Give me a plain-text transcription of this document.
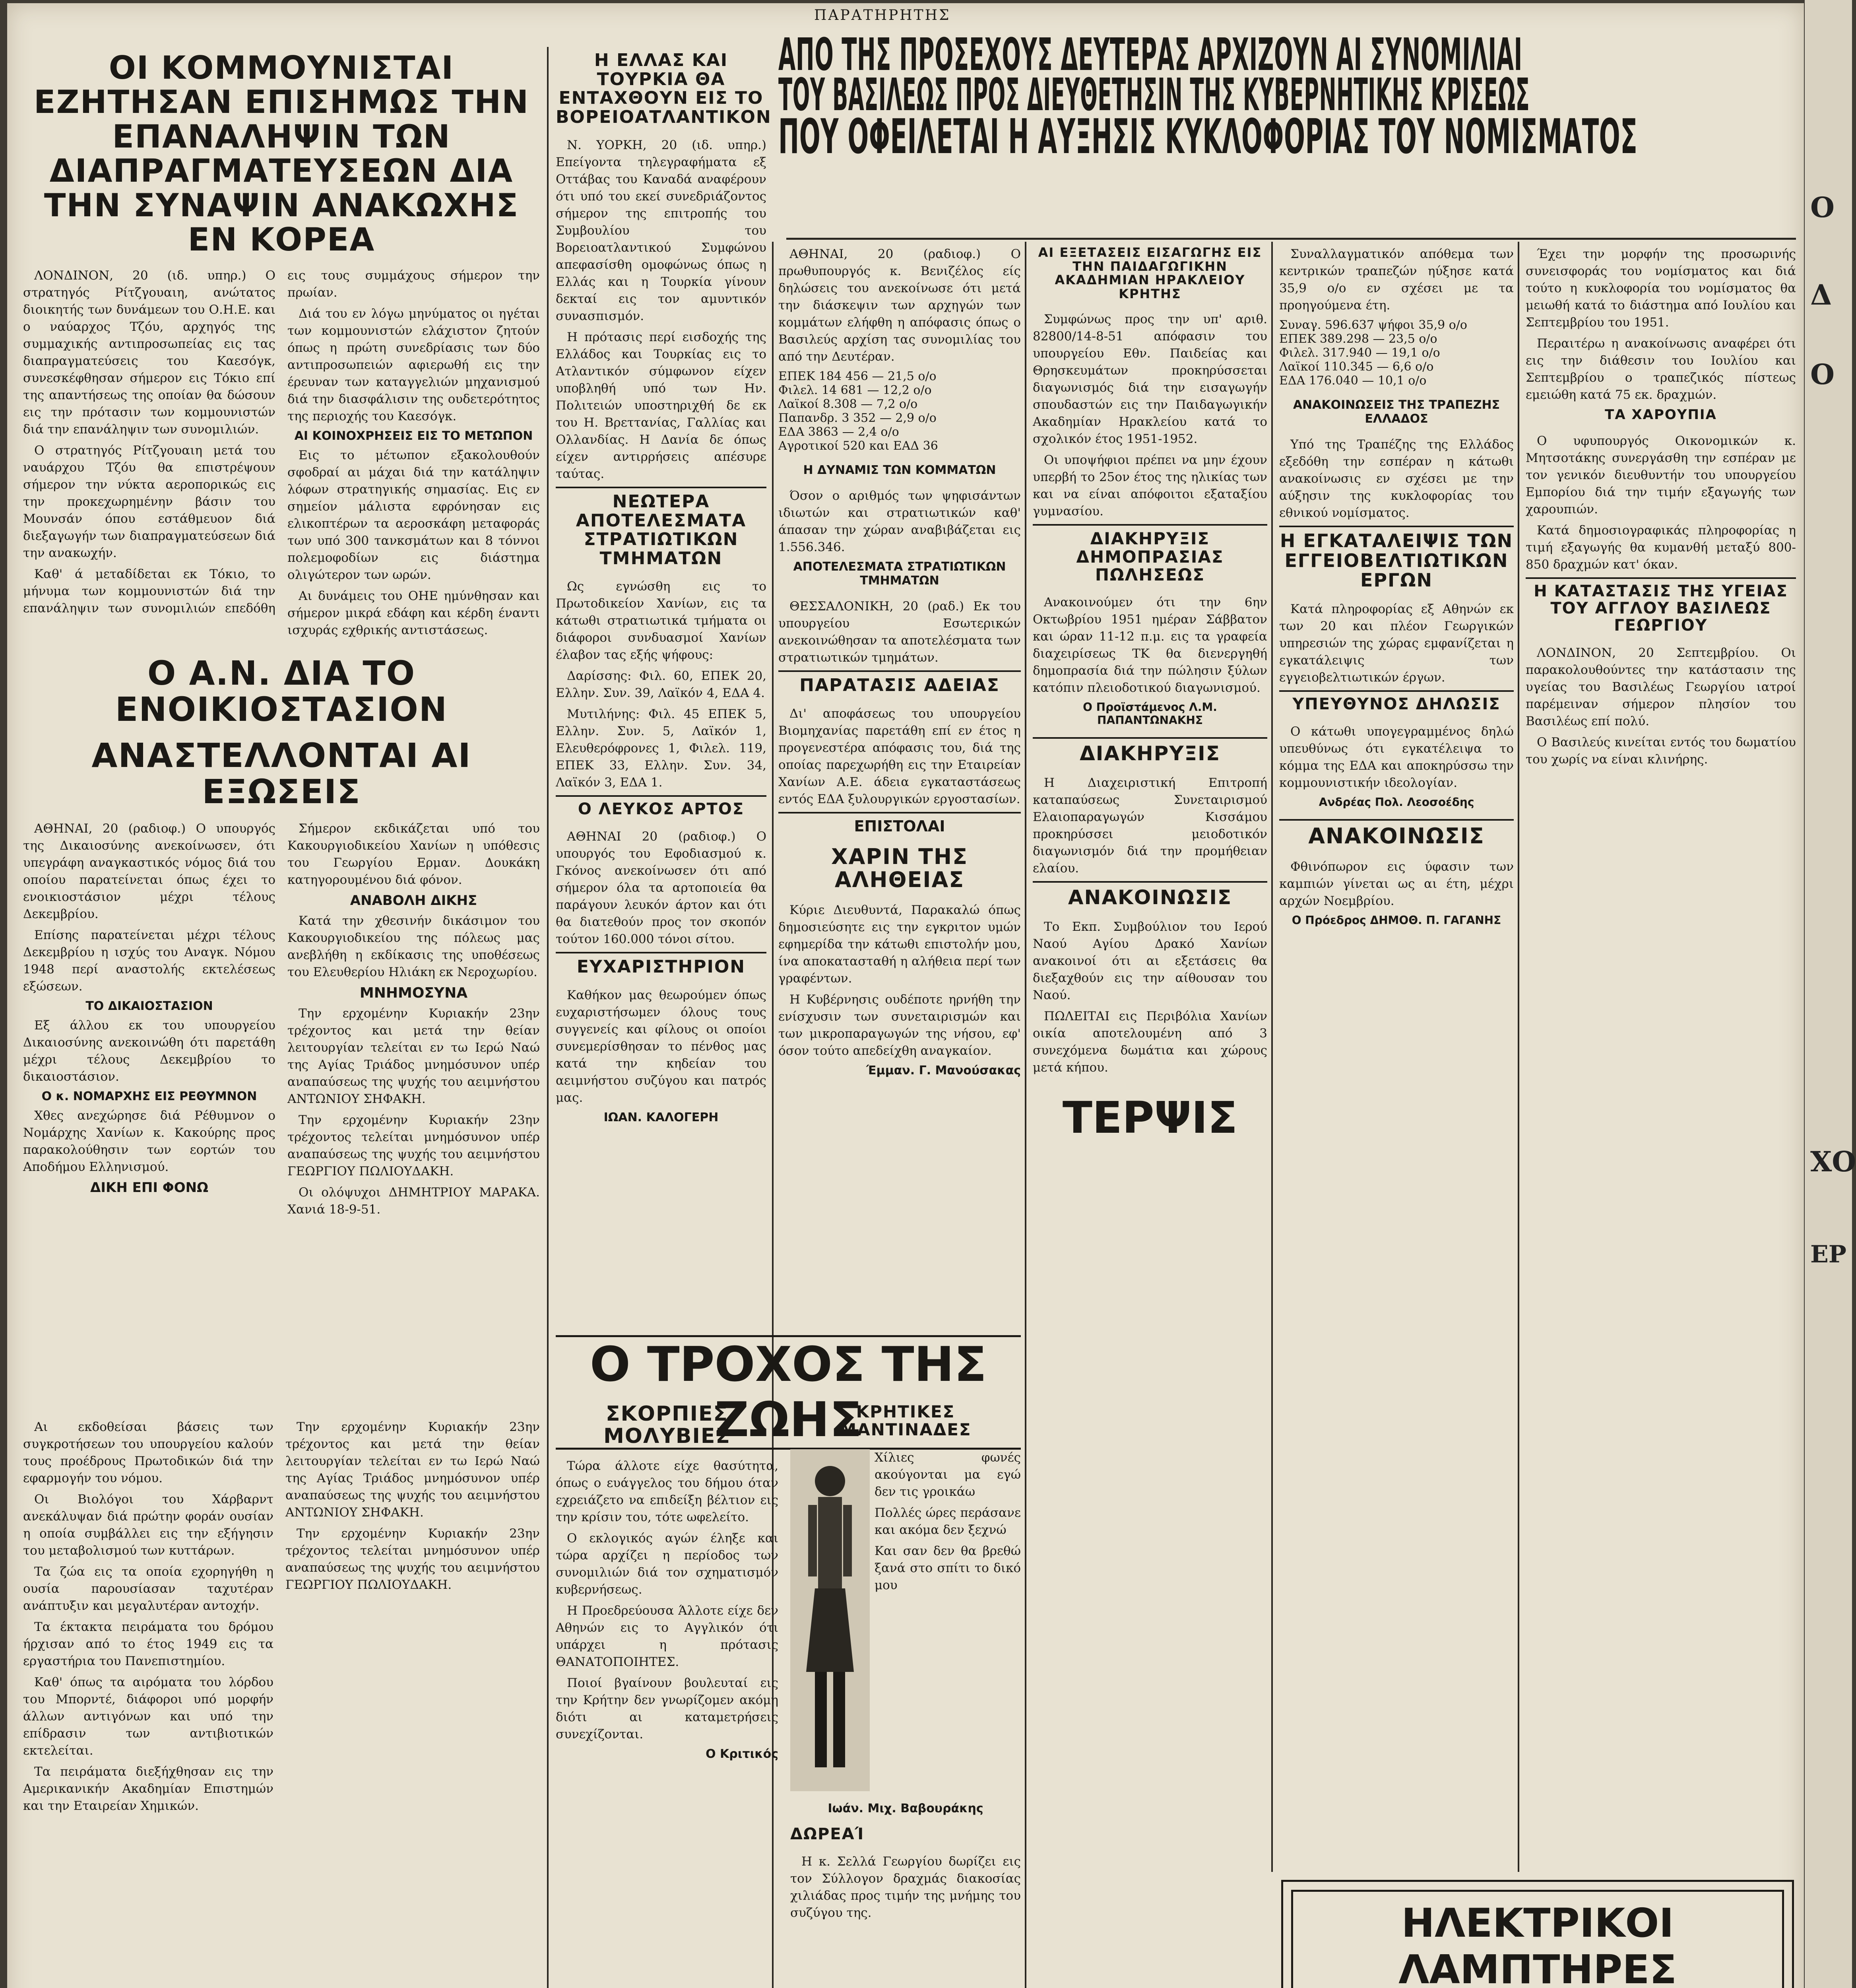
ΠΑΡΑΤΗΡΗΤΗΣ
ΑΠΟ ΤΗΣ ΠΡΟΣΕΧΟΥΣ ΔΕΥΤΕΡΑΣ ΑΡΧΙΖΟΥΝ ΑΙ ΣΥΝΟΜΙΛΙΑΙ
ΤΟΥ ΒΑΣΙΛΕΩΣ ΠΡΟΣ ΔΙΕΥΘΕΤΗΣΙΝ ΤΗΣ ΚΥΒΕΡΝΗΤΙΚΗΣ ΚΡΙΣΕΩΣ
ΠΟΥ ΟΦΕΙΛΕΤΑΙ Η ΑΥΞΗΣΙΣ ΚΥΚΛΟΦΟΡΙΑΣ ΤΟΥ ΝΟΜΙΣΜΑΤΟΣ
ΟΙ ΚΟΜΜΟΥΝΙΣΤΑΙ ΕΖΗΤΗΣΑΝ ΕΠΙΣΗΜΩΣ ΤΗΝ ΕΠΑΝΑΛΗΨΙΝ ΤΩΝ ΔΙΑΠΡΑΓΜΑΤΕΥΣΕΩΝ ΔΙΑ ΤΗΝ ΣΥΝΑΨΙΝ ΑΝΑΚΩΧΗΣ ΕΝ ΚΟΡΕΑ

ΛΟΝΔΙΝΟΝ, 20 (ιδ. υπηρ.) Ο στρατηγός Ρίτζγουαιη, ανώτατος διοικητής των δυνάμεων του Ο.Η.Ε. και ο ναύαρχος Τζόυ, αρχηγός της συμμαχικής αντιπροσωπείας εις τας διαπραγματεύσεις του Καεσόγκ, συνεσκέφθησαν σήμερον εις Τόκιο επί της απαντήσεως της οποίαν θα δώσουν εις την πρότασιν των κομμουνιστών διά την επανάληψιν των συνομιλιών.

Ο στρατηγός Ρίτζγουαιη μετά του ναυάρχου Τζόυ θα επιστρέψουν σήμερον την νύκτα αεροπορικώς εις την προκεχωρημένην βάσιν του Μουνσάν όπου εστάθμευον διά διεξαγωγήν των διαπραγματεύσεων διά την ανακωχήν.

Καθ' ά μεταδίδεται εκ Τόκιο, το μήνυμα των κομμουνιστών διά την επανάληψιν των συνομιλιών επεδόθη εις τους συμμάχους σήμερον την πρωίαν.

Διά του εν λόγω μηνύματος οι ηγέται των κομμουνιστών ελάχιστον ζητούν όπως η πρώτη συνεδρίασις των δύο αντιπροσωπειών αφιερωθή εις την έρευναν των καταγγελιών μηχανισμού διά την διασφάλισιν της ουδετερότητος της περιοχής του Καεσόγκ.

ΑΙ ΚΟΙΝΟΧΡΗΣΕΙΣ ΕΙΣ ΤΟ ΜΕΤΩΠΟΝ

Εις το μέτωπον εξακολουθούν σφοδραί αι μάχαι διά την κατάληψιν λόφων στρατηγικής σημασίας. Εις εν σημείον μάλιστα εφρόνησαν εις ελικοπτέρων τα αεροσκάφη μεταφοράς των υπό 300 τανκσμάτων και 8 τόννοι πολεμοφοδίων εις διάστημα ολιγώτερον των ωρών.

Αι δυνάμεις του ΟΗΕ ημύνθησαν και σήμερον μικρά εδάφη και κέρδη έναντι ισχυράς εχθρικής αντιστάσεως.

Η ΕΛΛΑΣ ΚΑΙ ΤΟΥΡΚΙΑ ΘΑ ΕΝΤΑΧΘΟΥΝ ΕΙΣ ΤΟ ΒΟΡΕΙΟΑΤΛΑΝΤΙΚΟΝ

Ν. ΥΟΡΚΗ, 20 (ιδ. υπηρ.) Επείγοντα τηλεγραφήματα εξ Οττάβας του Καναδά αναφέρουν ότι υπό του εκεί συνεδριάζοντος σήμερον της επιτροπής του Συμβουλίου του Βορειοατλαντικού Συμφώνου απεφασίσθη ομοφώνως όπως η Ελλάς και η Τουρκία γίνουν δεκταί εις τον αμυντικόν συνασπισμόν.

Η πρότασις περί εισδοχής της Ελλάδος και Τουρκίας εις το Ατλαντικόν σύμφωνον είχεν υποβληθή υπό των Ην. Πολιτειών υποστηριχθή δε εκ του Η. Βρεττανίας, Γαλλίας και Ολλανδίας. Η Δανία δε όπως είχεν αντιρρήσεις απέσυρε ταύτας.

ΝΕΩΤΕΡΑ ΑΠΟΤΕΛΕΣΜΑΤΑ ΣΤΡΑΤΙΩΤΙΚΩΝ ΤΜΗΜΑΤΩΝ

Ως εγνώσθη εις το Πρωτοδικείον Χανίων, εις τα κάτωθι στρατιωτικά τμήματα οι διάφοροι συνδυασμοί Χανίων έλαβον τας εξής ψήφους:

Δαρίσσης: Φιλ. 60, ΕΠΕΚ 20, Ελλην. Συν. 39, Λαϊκόν 4, ΕΔΑ 4.

Μυτιλήνης: Φιλ. 45 ΕΠΕΚ 5, Ελλην. Συν. 5, Λαϊκόν 1, Ελευθερόφρονες 1, Φιλελ. 119, ΕΠΕΚ 33, Ελλην. Συν. 34, Λαϊκόν 3, ΕΔΑ 1.

Ο ΛΕΥΚΟΣ ΑΡΤΟΣ

ΑΘΗΝΑΙ 20 (ραδιοφ.) Ο υπουργός του Εφοδιασμού κ. Γκόνος ανεκοίνωσεν ότι από σήμερον όλα τα αρτοποιεία θα παράγουν λευκόν άρτον και ότι θα διατεθούν προς τον σκοπόν τούτον 160.000 τόνοι σίτου.

ΕΥΧΑΡΙΣΤΗΡΙΟΝ

Καθήκον μας θεωρούμεν όπως ευχαριστήσωμεν όλους τους συγγενείς και φίλους οι οποίοι συνεμερίσθησαν το πένθος μας κατά την κηδείαν του αειμνήστου συζύγου και πατρός μας.

ΙΩΑΝ. ΚΑΛΟΓΕΡΗ
Ο Α.Ν. ΔΙΑ ΤΟ ΕΝΟΙΚΙΟΣΤΑΣΙΟΝ
ΑΝΑΣΤΕΛΛΟΝΤΑΙ ΑΙ ΕΞΩΣΕΙΣ

ΑΘΗΝΑΙ, 20 (ραδιοφ.) Ο υπουργός της Δικαιοσύνης ανεκοίνωσεν, ότι υπεγράφη αναγκαστικός νόμος διά του οποίου παρατείνεται όπως έχει το ενοικιοστάσιον μέχρι τέλους Δεκεμβρίου.

Επίσης παρατείνεται μέχρι τέλους Δεκεμβρίου η ισχύς του Αναγκ. Νόμου 1948 περί αναστολής εκτελέσεως εξώσεων.

ΤΟ ΔΙΚΑΙΟΣΤΑΣΙΟΝ

Εξ άλλου εκ του υπουργείου Δικαιοσύνης ανεκοινώθη ότι παρετάθη μέχρι τέλους Δεκεμβρίου το δικαιοστάσιον.

Ο κ. ΝΟΜΑΡΧΗΣ ΕΙΣ ΡΕΘΥΜΝΟΝ

Χθες ανεχώρησε διά Ρέθυμνον ο Νομάρχης Χανίων κ. Κακούρης προς παρακολούθησιν των εορτών του Αποδήμου Ελληνισμού.

ΔΙΚΗ ΕΠΙ ΦΟΝΩ

Σήμερον εκδικάζεται υπό του Κακουργιοδικείου Χανίων η υπόθεσις του Γεωργίου Ερμαν. Δουκάκη κατηγορουμένου διά φόνον.

ΑΝΑΒΟΛΗ ΔΙΚΗΣ

Κατά την χθεσινήν δικάσιμον του Κακουργιοδικείου της πόλεως μας ανεβλήθη η εκδίκασις της υποθέσεως του Ελευθερίου Ηλιάκη εκ Νεροχωρίου.

ΜΝΗΜΟΣΥΝΑ

Την ερχομένην Κυριακήν 23ην τρέχοντος και μετά την θείαν λειτουργίαν τελείται εν τω Ιερώ Ναώ της Αγίας Τριάδος μνημόσυνον υπέρ αναπαύσεως της ψυχής του αειμνήστου ΑΝΤΩΝΙΟΥ ΣΗΦΑΚΗ.

Την ερχομένην Κυριακήν 23ην τρέχοντος τελείται μνημόσυνον υπέρ αναπαύσεως της ψυχής του αειμνήστου ΓΕΩΡΓΙΟΥ ΠΩΛΙΟΥΔΑΚΗ.

Οι ολόψυχοι ΔΗΜΗΤΡΙΟΥ ΜΑΡΑΚΑ. Χανιά 18-9-51.

Αι εκδοθείσαι βάσεις των συγκροτήσεων του υπουργείου καλούν τους προέδρους Πρωτοδικών διά την εφαρμογήν του νόμου.

Οι Βιολόγοι του Χάρβαρντ ανεκάλυψαν διά πρώτην φοράν ουσίαν η οποία συμβάλλει εις την εξήγησιν του μεταβολισμού των κυττάρων.

Τα ζώα εις τα οποία εχορηγήθη η ουσία παρουσίασαν ταχυτέραν ανάπτυξιν και μεγαλυτέραν αντοχήν.

Τα έκτακτα πειράματα του δρόμου ήρχισαν από το έτος 1949 εις τα εργαστήρια του Πανεπιστημίου.

Καθ' όπως τα αιρόματα του λόρδου του Μπορντέ, διάφοροι υπό μορφήν άλλων αντιγόνων και υπό την επίδρασιν των αντιβιοτικών εκτελείται.

Τα πειράματα διεξήχθησαν εις την Αμερικανικήν Ακαδημίαν Επιστημών και την Εταιρείαν Χημικών.

Την ερχομένην Κυριακήν 23ην τρέχοντος και μετά την θείαν λειτουργίαν τελείται εν τω Ιερώ Ναώ της Αγίας Τριάδος μνημόσυνον υπέρ αναπαύσεως της ψυχής του αειμνήστου ΑΝΤΩΝΙΟΥ ΣΗΦΑΚΗ.

Την ερχομένην Κυριακήν 23ην τρέχοντος τελείται μνημόσυνον υπέρ αναπαύσεως της ψυχής του αειμνήστου ΓΕΩΡΓΙΟΥ ΠΩΛΙΟΥΔΑΚΗ.

Ο ΤΡΟΧΟΣ ΤΗΣ ΖΩΗΣ
ΣΚΟΡΠΙΕΣ ΜΟΛΥΒΙΕΣ

Τώρα άλλοτε είχε θασύτητα, όπως ο ευάγγελος του δήμου όταν εχρειάζετο να επιδείξη βέλτιον εις την κρίσιν του, τότε ωφελείτο.

Ο εκλογικός αγών έληξε και τώρα αρχίζει η περίοδος των συνομιλιών διά τον σχηματισμόν κυβερνήσεως.

Η Προεδρεύουσα Άλλοτε είχε δεν Αθηνών εις το Αγγλικόν ότι υπάρχει η πρότασις ΘΑΝΑΤΟΠΟΙΗΤΕΣ.

Ποιοί βγαίνουν βουλευταί εις την Κρήτην δεν γνωρίζομεν ακόμη διότι αι καταμετρήσεις συνεχίζονται.

Ο Κριτικός
ΚΡΗΤΙΚΕΣ ΜΑΝΤΙΝΑΔΕΣ

Χίλιες φωνές ακούγονται μα εγώ δεν τις γροικάω

Πολλές ώρες περάσανε και ακόμα δεν ξεχνώ

Και σαν δεν θα βρεθώ ξανά στο σπίτι το δικό μου

Ιωάν. Μιχ. Βαβουράκης
ΔΩΡΕΑΊ

Η κ. Σελλά Γεωργίου δωρίζει εις τον Σύλλογον δραχμάς διακοσίας χιλιάδας προς τιμήν της μνήμης του συζύγου της.

ΑΘΗΝΑΙ, 20 (ραδιοφ.) Ο πρωθυπουργός κ. Βενιζέλος είς δηλώσεις του ανεκοίνωσε ότι μετά την διάσκεψιν των αρχηγών των κομμάτων ελήφθη η απόφασις όπως ο Βασιλεύς αρχίση τας συνομιλίας του από την Δευτέραν.

ΕΠΕΚ 184 456 — 21,5 ο/ο
Φιλελ. 14 681 — 12,2 ο/ο
Λαϊκοί 8.308 — 7,2 ο/ο
Παπανδρ. 3 352 — 2,9 ο/ο
ΕΔΑ 3863 — 2,4 ο/ο
Αγροτικοί 520 και ΕΑΔ 36
Η ΔΥΝΑΜΙΣ ΤΩΝ ΚΟΜΜΑΤΩΝ

Όσον ο αριθμός των ψηφισάντων ιδιωτών και στρατιωτικών καθ' άπασαν την χώραν αναβιβάζεται εις 1.556.346.

ΑΠΟΤΕΛΕΣΜΑΤΑ ΣΤΡΑΤΙΩΤΙΚΩΝ ΤΜΗΜΑΤΩΝ

ΘΕΣΣΑΛΟΝΙΚΗ, 20 (ραδ.) Εκ του υπουργείου Εσωτερικών ανεκοινώθησαν τα αποτελέσματα των στρατιωτικών τμημάτων.

ΠΑΡΑΤΑΣΙΣ ΑΔΕΙΑΣ

Δι' αποφάσεως του υπουργείου Βιομηχανίας παρετάθη επί εν έτος η προγενεστέρα απόφασις του, διά της οποίας παρεχωρήθη εις την Εταιρείαν Χανίων Α.Ε. άδεια εγκαταστάσεως εντός ΕΔΑ ξυλουργικών εργοστασίων.

ΕΠΙΣΤΟΛΑΙ
ΧΑΡΙΝ ΤΗΣ ΑΛΗΘΕΙΑΣ

Κύριε Διευθυντά, Παρακαλώ όπως δημοσιεύσητε εις την εγκριτον υμών εφημερίδα την κάτωθι επιστολήν μου, ίνα αποκατασταθή η αλήθεια περί των γραφέντων.

Η Κυβέρνησις ουδέποτε ηρνήθη την ενίσχυσιν των συνεταιρισμών και των μικροπαραγωγών της νήσου, εφ' όσον τούτο απεδείχθη αναγκαίον.

Έμμαν. Γ. Μανούσακας
ΑΙ ΕΞΕΤΑΣΕΙΣ ΕΙΣΑΓΩΓΗΣ ΕΙΣ ΤΗΝ ΠΑΙΔΑΓΩΓΙΚΗΝ ΑΚΑΔΗΜΙΑΝ ΗΡΑΚΛΕΙΟΥ ΚΡΗΤΗΣ

Συμφώνως προς την υπ' αριθ. 82800/14-8-51 απόφασιν του υπουργείου Εθν. Παιδείας και Θρησκευμάτων προκηρύσσεται διαγωνισμός διά την εισαγωγήν σπουδαστών εις την Παιδαγωγικήν Ακαδημίαν Ηρακλείου κατά το σχολικόν έτος 1951-1952.

Οι υποψήφιοι πρέπει να μην έχουν υπερβή το 25ον έτος της ηλικίας των και να είναι απόφοιτοι εξαταξίου γυμνασίου.

ΔΙΑΚΗΡΥΞΙΣ ΔΗΜΟΠΡΑΣΙΑΣ ΠΩΛΗΣΕΩΣ

Ανακοινούμεν ότι την 6ην Οκτωβρίου 1951 ημέραν Σάββατον και ώραν 11-12 π.μ. εις τα γραφεία διαχειρίσεως ΤΚ θα διενεργηθή δημοπρασία διά την πώλησιν ξύλων κατόπιν πλειοδοτικού διαγωνισμού.

Ο Προϊστάμενος Λ.Μ. ΠΑΠΑΝΤΩΝΑΚΗΣ
ΔΙΑΚΗΡΥΞΙΣ

Η Διαχειριστική Επιτροπή καταπαύσεως Συνεταιρισμού Ελαιοπαραγωγών Κισσάμου προκηρύσσει μειοδοτικόν διαγωνισμόν διά την προμήθειαν ελαίου.

ΑΝΑΚΟΙΝΩΣΙΣ

Το Εκπ. Συμβούλιον του Ιερού Ναού Αγίου Δρακό Χανίων ανακοινοί ότι αι εξετάσεις θα διεξαχθούν εις την αίθουσαν του Ναού.

ΠΩΛΕΙΤΑΙ εις Περιβόλια Χανίων οικία αποτελουμένη από 3 συνεχόμενα δωμάτια και χώρους μετά κήπου.

ΤΕΡΨΙΣ

Συναλλαγματικόν απόθεμα των κεντρικών τραπεζών ηύξησε κατά 35,9 ο/ο εν σχέσει με τα προηγούμενα έτη.

Συναγ. 596.637 ψήφοι 35,9 ο/ο
ΕΠΕΚ 389.298 — 23,5 ο/ο
Φιλελ. 317.940 — 19,1 ο/ο
Λαϊκοί 110.345 — 6,6 ο/ο
ΕΔΑ 176.040 — 10,1 ο/ο
ΑΝΑΚΟΙΝΩΣΕΙΣ ΤΗΣ ΤΡΑΠΕΖΗΣ ΕΛΛΑΔΟΣ

Υπό της Τραπέζης της Ελλάδος εξεδόθη την εσπέραν η κάτωθι ανακοίνωσις εν σχέσει με την αύξησιν της κυκλοφορίας του εθνικού νομίσματος.

Η ΕΓΚΑΤΑΛΕΙΨΙΣ ΤΩΝ ΕΓΓΕΙΟΒΕΛΤΙΩΤΙΚΩΝ ΕΡΓΩΝ

Κατά πληροφορίας εξ Αθηνών εκ των 20 και πλέον Γεωργικών υπηρεσιών της χώρας εμφανίζεται η εγκατάλειψις των εγγειοβελτιωτικών έργων.

ΥΠΕΥΘΥΝΟΣ ΔΗΛΩΣΙΣ

Ο κάτωθι υπογεγραμμένος δηλώ υπευθύνως ότι εγκατέλειψα το κόμμα της ΕΔΑ και αποκηρύσσω την κομμουνιστικήν ιδεολογίαν.

Ανδρέας Πολ. Λεοσοέδης
ΑΝΑΚΟΙΝΩΣΙΣ

Φθινόπωρον εις ύφασιν των καμπιών γίνεται ως αι έτη, μέχρι αρχών Νοεμβρίου.

Ο Πρόεδρος ΔΗΜΟΘ. Π. ΓΑΓΑΝΗΣ

Έχει την μορφήν της προσωρινής συνεισφοράς του νομίσματος και διά τούτο η κυκλοφορία του νομίσματος θα μειωθή κατά το διάστημα από Ιουλίου και Σεπτεμβρίου του 1951.

Περαιτέρω η ανακοίνωσις αναφέρει ότι εις την διάθεσιν του Ιουλίου και Σεπτεμβρίου ο τραπεζικός πίστεως εμειώθη κατά 75 εκ. δραχμών.

ΤΑ ΧΑΡΟΥΠΙΑ

Ο υφυπουργός Οικονομικών κ. Μητσοτάκης συνεργάσθη την εσπέραν με τον γενικόν διευθυντήν του υπουργείου Εμπορίου διά την τιμήν εξαγωγής των χαρουπιών.

Κατά δημοσιογραφικάς πληροφορίας η τιμή εξαγωγής θα κυμανθή μεταξύ 800-850 δραχμών κατ' όκαν.

Η ΚΑΤΑΣΤΑΣΙΣ ΤΗΣ ΥΓΕΙΑΣ ΤΟΥ ΑΓΓΛΟΥ ΒΑΣΙΛΕΩΣ ΓΕΩΡΓΙΟΥ

ΛΟΝΔΙΝΟΝ, 20 Σεπτεμβρίου. Οι παρακολουθούντες την κατάστασιν της υγείας του Βασιλέως Γεωργίου ιατροί παρέμειναν σήμερον πλησίον του Βασιλέως επί πολύ.

Ο Βασιλεύς κινείται εντός του δωματίου του χωρίς να είναι κλινήρης.

ΗΛΕΚΤΡΙΚΟΙ ΛΑΜΠΤΗΡΕΣ
Ο
Δ
Ο
ΧΟ
ΕΡ
